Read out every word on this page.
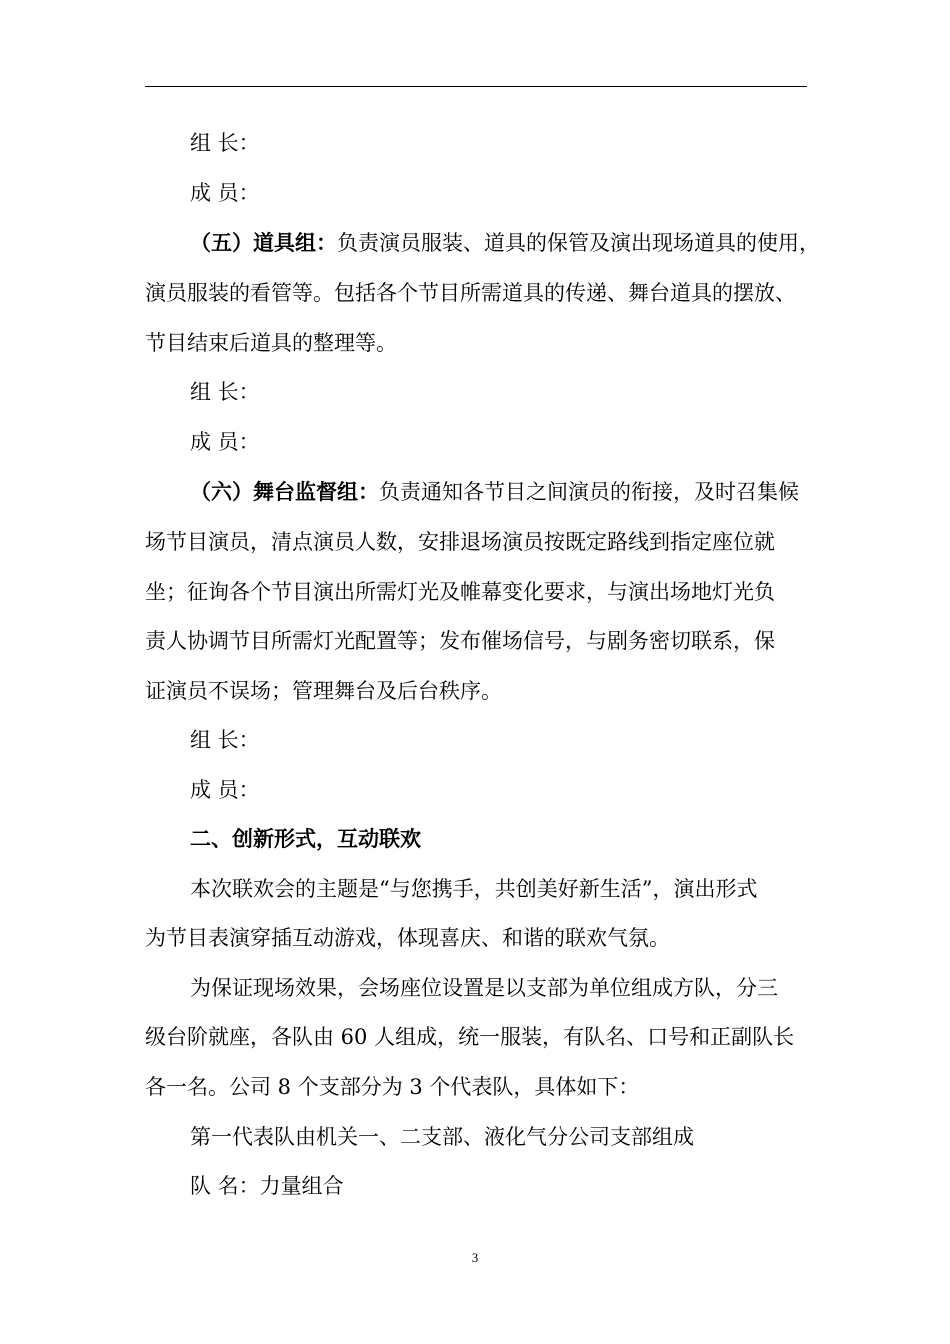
组 长：
成 员：
（五）道具组：负责演员服装、道具的保管及演出现场道具的使用，
演员服装的看管等。包括各个节目所需道具的传递、舞台道具的摆放、
节目结束后道具的整理等。
组 长：
成 员：
（六）舞台监督组：负责通知各节目之间演员的衔接，及时召集候
场节目演员，清点演员人数，安排退场演员按既定路线到指定座位就
坐；征询各个节目演出所需灯光及帷幕变化要求，与演出场地灯光负
责人协调节目所需灯光配置等；发布催场信号，与剧务密切联系，保
证演员不误场；管理舞台及后台秩序。
组 长：
成 员：
二、创新形式，互动联欢
本次联欢会的主题是“与您携手，共创美好新生活”，演出形式
为节目表演穿插互动游戏，体现喜庆、和谐的联欢气氛。
为保证现场效果，会场座位设置是以支部为单位组成方队，分三
级台阶就座，各队由 60 人组成，统一服装，有队名、口号和正副队长
各一名。公司 8 个支部分为 3 个代表队，具体如下：
第一代表队由机关一、二支部、液化气分公司支部组成
队 名：力量组合
3
